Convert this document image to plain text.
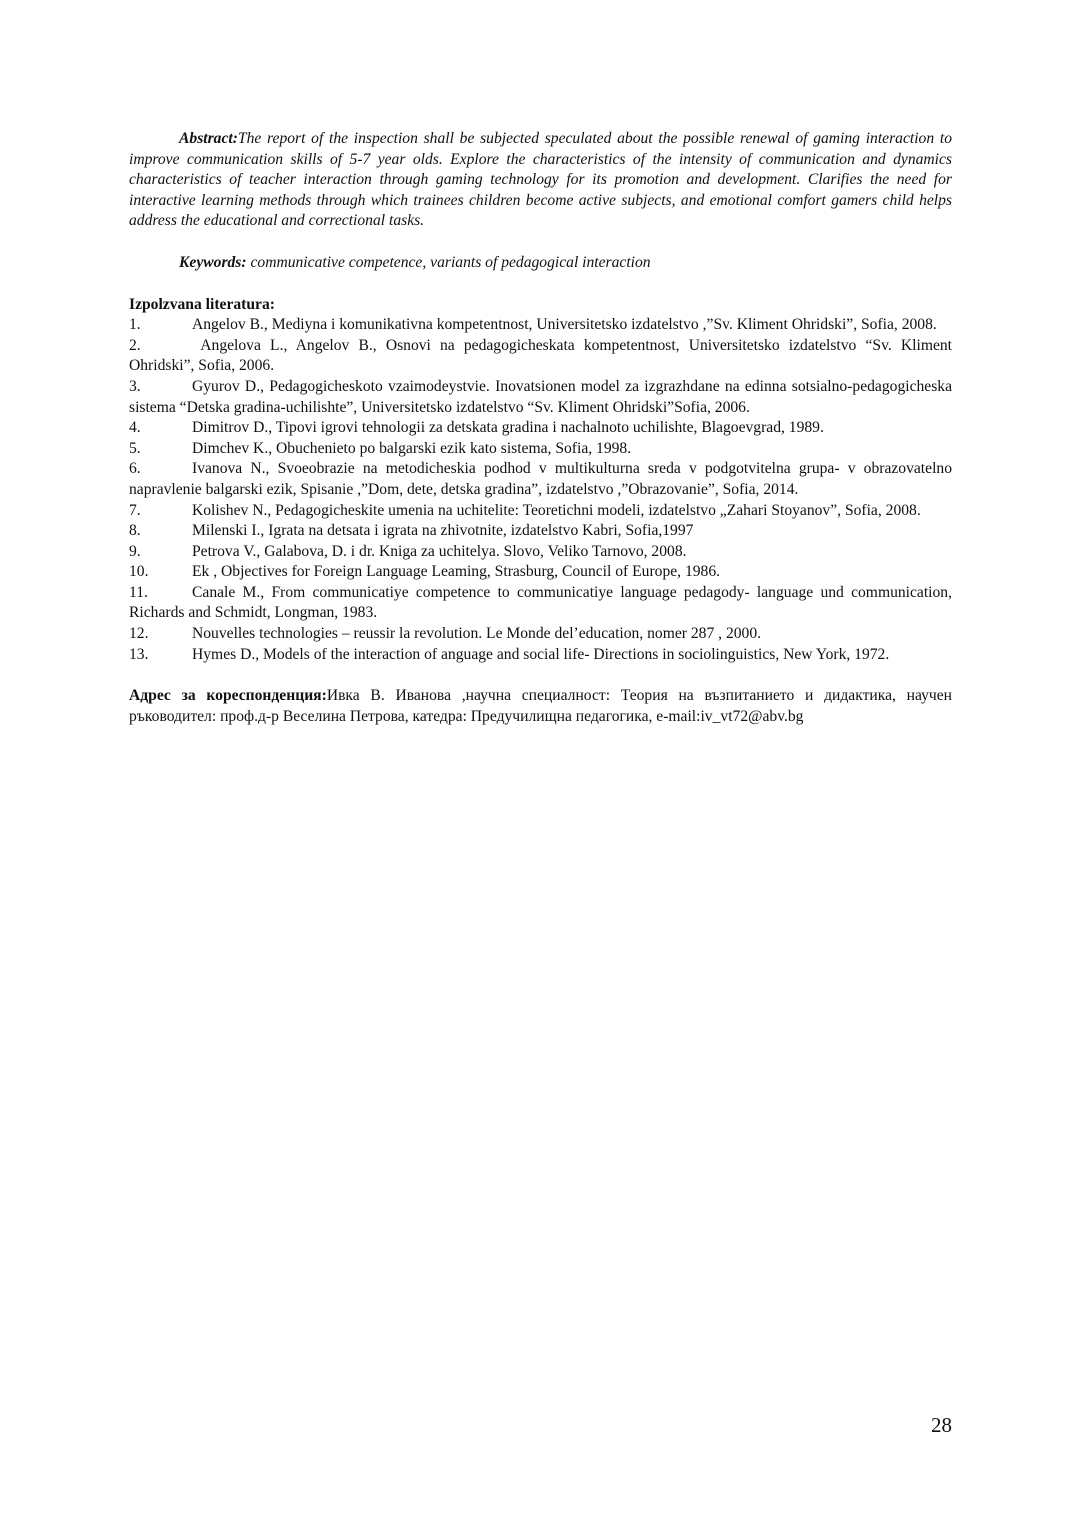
Abstract:The report of the inspection shall be subjected speculated about the possible renewal of gaming interaction to improve communication skills of 5-7 year olds. Explore the characteristics of the intensity of communication and dynamics characteristics of teacher interaction through gaming technology for its promotion and development. Clarifies the need for interactive learning methods through which trainees children become active subjects, and emotional comfort gamers child helps address the educational and correctional tasks.

Keywords: communicative competence, variants of pedagogical interaction

Izpolzvana literatura:
1.	Angelov B., Mediyna i komunikativna kompetentnost, Universitetsko izdatelstvo ,”Sv. Kliment Ohridski”, Sofia, 2008.
2.	Angelova L., Angelov B., Osnovi na pedagogicheskata kompetentnost, Universitetsko izdatelstvo “Sv. Kliment Ohridski”, Sofia, 2006.
3.	Gyurov D., Pedagogicheskoto vzaimodeystvie. Inovatsionen model za izgrazhdane na edinna sotsialno-pedagogicheska sistema “Detska gradina-uchilishte”, Universitetsko izdatelstvo “Sv. Kliment Ohridski”Sofia, 2006.
4.	Dimitrov D., Tipovi igrovi tehnologii za detskata gradina i nachalnoto uchilishte, Blagoevgrad, 1989.
5.	Dimchev K., Obuchenieto po balgarski ezik kato sistema, Sofia, 1998.
6.	Ivanova N., Svoeobrazie na metodicheskia podhod v multikulturna sreda v podgotvitelna grupa- v obrazovatelno napravlenie balgarski ezik, Spisanie ,”Dom, dete, detska gradina”, izdatelstvo ,”Obrazovanie”, Sofia, 2014.
7.	Kolishev N., Pedagogicheskite umenia na uchitelite: Teoretichni modeli, izdatelstvo „Zahari Stoyanov”, Sofia, 2008.
8.	Milenski I., Igrata na detsata i igrata na zhivotnite, izdatelstvo Kabri, Sofia,1997
9.	Petrova V., Galabova, D. i dr. Kniga za uchitelya. Slovo, Veliko Tarnovo, 2008.
10.	Ek , Objectives for Foreign Language Leaming, Strasburg, Council of Europe, 1986.
11.	Canale M., From communicatiye competence to communicatiye language pedagody- language und communication, Richards and Schmidt, Longman, 1983.
12.	Nouvelles technologies – reussir la revolution. Le Monde del’education, nomer 287 , 2000.
13.	Hymes D., Models of the interaction of anguage and social life- Directions in sociolinguistics, New York, 1972.

Адрес за кореспонденция:Ивка В. Иванова ,научна специалност: Теория на възпитанието и дидактика, научен ръководител: проф.д-р Веселина Петрова, катедра: Предучилищна педагогика, e-mail:iv_vt72@abv.bg

28
